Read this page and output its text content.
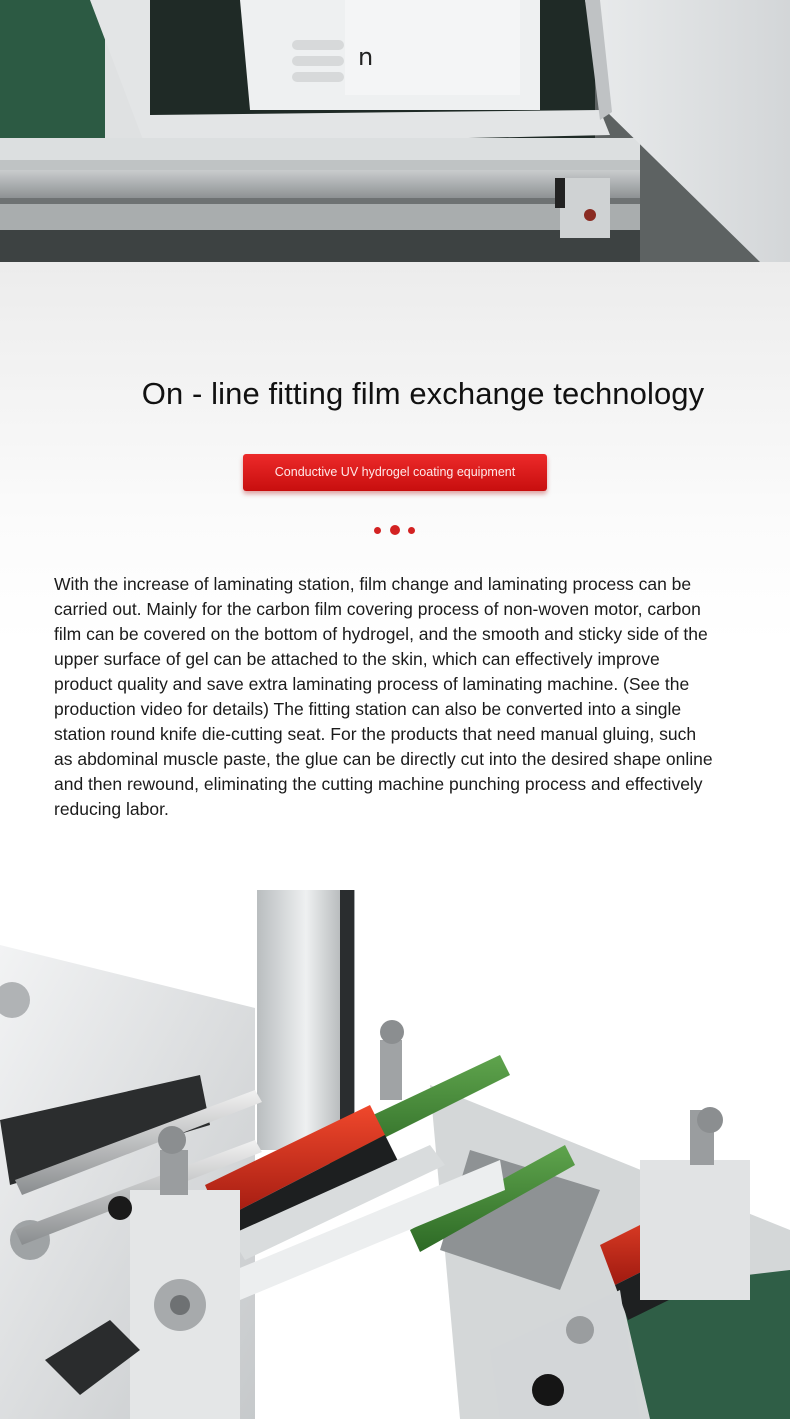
n
On - line fitting film exchange technology
Conductive UV hydrogel coating equipment
With the increase of laminating station, film change and laminating process can be
carried out. Mainly for the carbon film covering process of non-woven motor, carbon
film can be covered on the bottom of hydrogel, and the smooth and sticky side of the
upper surface of gel can be attached to the skin, which can effectively improve
product quality and save extra laminating process of laminating machine. (See the
production video for details) The fitting station can also be converted into a single
station round knife die-cutting seat. For the products that need manual gluing, such
as abdominal muscle paste, the glue can be directly cut into the desired shape online
and then rewound, eliminating the cutting machine punching process and effectively
reducing labor.
